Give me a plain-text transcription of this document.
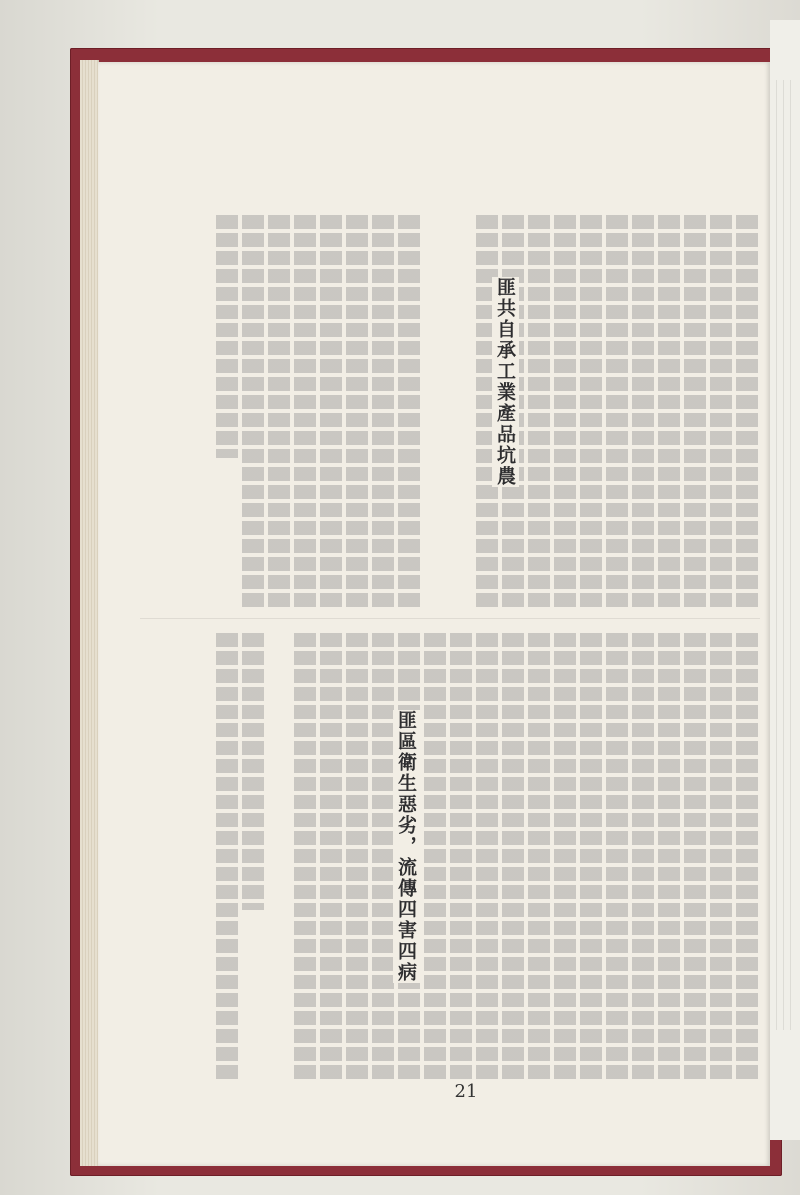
匪共自承工業產品坑農
匪區衛生惡劣，流傳四害四病
21
